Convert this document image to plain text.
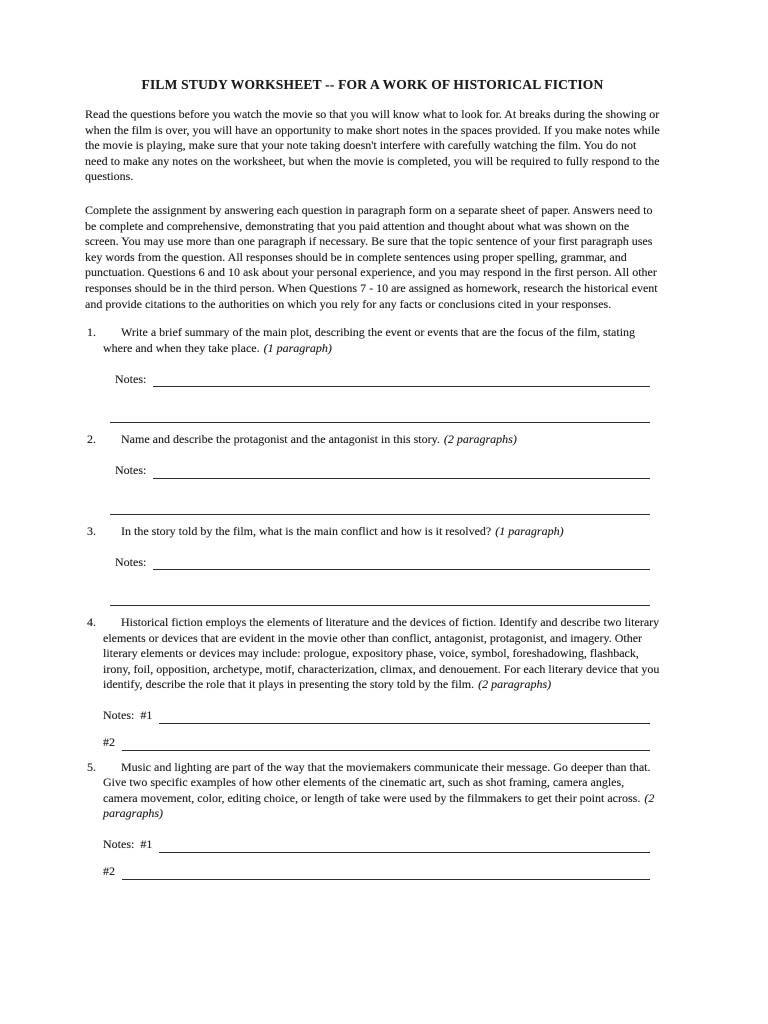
FILM STUDY WORKSHEET -- FOR A WORK OF HISTORICAL FICTION

Read the questions before you watch the movie so that you will know what to look for. At breaks during the showing or when the film is over, you will have an opportunity to make short notes in the spaces provided. If you make notes while the movie is playing, make sure that your note taking doesn't interfere with carefully watching the film. You do not need to make any notes on the worksheet, but when the movie is completed, you will be required to fully respond to the questions.

Complete the assignment by answering each question in paragraph form on a separate sheet of paper. Answers need to be complete and comprehensive, demonstrating that you paid attention and thought about what was shown on the screen. You may use more than one paragraph if necessary. Be sure that the topic sentence of your first paragraph uses key words from the question. All responses should be in complete sentences using proper spelling, grammar, and punctuation. Questions 6 and 10 ask about your personal experience, and you may respond in the first person. All other responses should be in the third person. When Questions 7 - 10 are assigned as homework, research the historical event and provide citations to the authorities on which you rely for any facts or conclusions cited in your responses.

1.	Write a brief summary of the main plot, describing the event or events that are the focus of the film, stating where and when they take place. (1 paragraph)

Notes:
2.	Name and describe the protagonist and the antagonist in this story. (2 paragraphs)

Notes:
3.	In the story told by the film, what is the main conflict and how is it resolved? (1 paragraph)

Notes:
4.	Historical fiction employs the elements of literature and the devices of fiction. Identify and describe two literary elements or devices that are evident in the movie other than conflict, antagonist, protagonist, and imagery. Other literary elements or devices may include: prologue, expository phase, voice, symbol, foreshadowing, flashback, irony, foil, opposition, archetype, motif, characterization, climax, and denouement. For each literary device that you identify, describe the role that it plays in presenting the story told by the film. (2 paragraphs)

Notes:  #1
#2
5.	Music and lighting are part of the way that the moviemakers communicate their message. Go deeper than that. Give two specific examples of how other elements of the cinematic art, such as shot framing, camera angles, camera movement, color, editing choice, or length of take were used by the filmmakers to get their point across. (2 paragraphs)

Notes:  #1
#2
